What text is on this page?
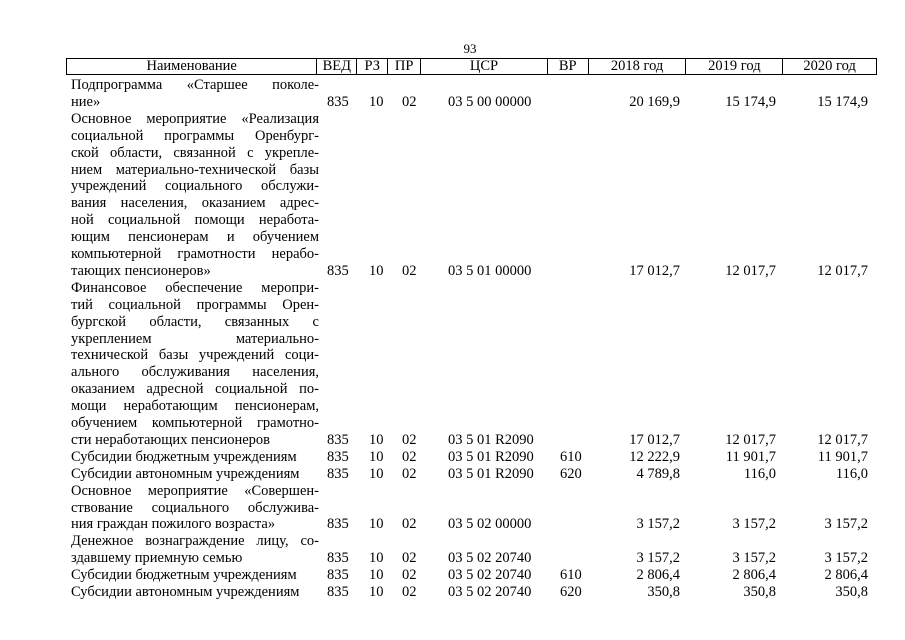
93
Наименование	ВЕД РЗ	ПР	ЦСР	ВР	2018 год	2019 год	2020 год
Подпрограмма «Старшее поколе-
ние»	835 10 02 03 5 00 00000	20 169,9	15 174,9	15 174,9
Основное мероприятие «Реализация
социальной программы Оренбург-
ской области, связанной с укрепле-
нием материально-технической базы
учреждений социального обслужи-
вания населения, оказанием адрес-
ной социальной помощи неработа-
ющим пенсионерам и обучением
компьютерной грамотности нерабо-
тающих пенсионеров»	835 10 02 03 5 01 00000	17 012,7	12 017,7	12 017,7
Финансовое обеспечение меропри-
тий социальной программы Орен-
бургской области, связанных с
укреплением материально-
технической базы учреждений соци-
ального обслуживания населения,
оказанием адресной социальной по-
мощи неработающим пенсионерам,
обучением компьютерной грамотно-
сти неработающих пенсионеров	835 10 02 03 5 01 R2090	17 012,7	12 017,7	12 017,7
Субсидии бюджетным учреждениям	835 10 02 03 5 01 R2090 610	12 222,9	11 901,7	11 901,7
Субсидии автономным учреждениям	835 10 02 03 5 01 R2090 620	4 789,8	116,0	116,0
Основное мероприятие «Совершен-
ствование социального обслужива-
ния граждан пожилого возраста»	835 10 02 03 5 02 00000	3 157,2	3 157,2	3 157,2
Денежное вознаграждение лицу, со-
здавшему приемную семью	835 10 02 03 5 02 20740	3 157,2	3 157,2	3 157,2
Субсидии бюджетным учреждениям	835 10 02 03 5 02 20740 610	2 806,4	2 806,4	2 806,4
Субсидии автономным учреждениям	835 10 02 03 5 02 20740 620	350,8	350,8	350,8
